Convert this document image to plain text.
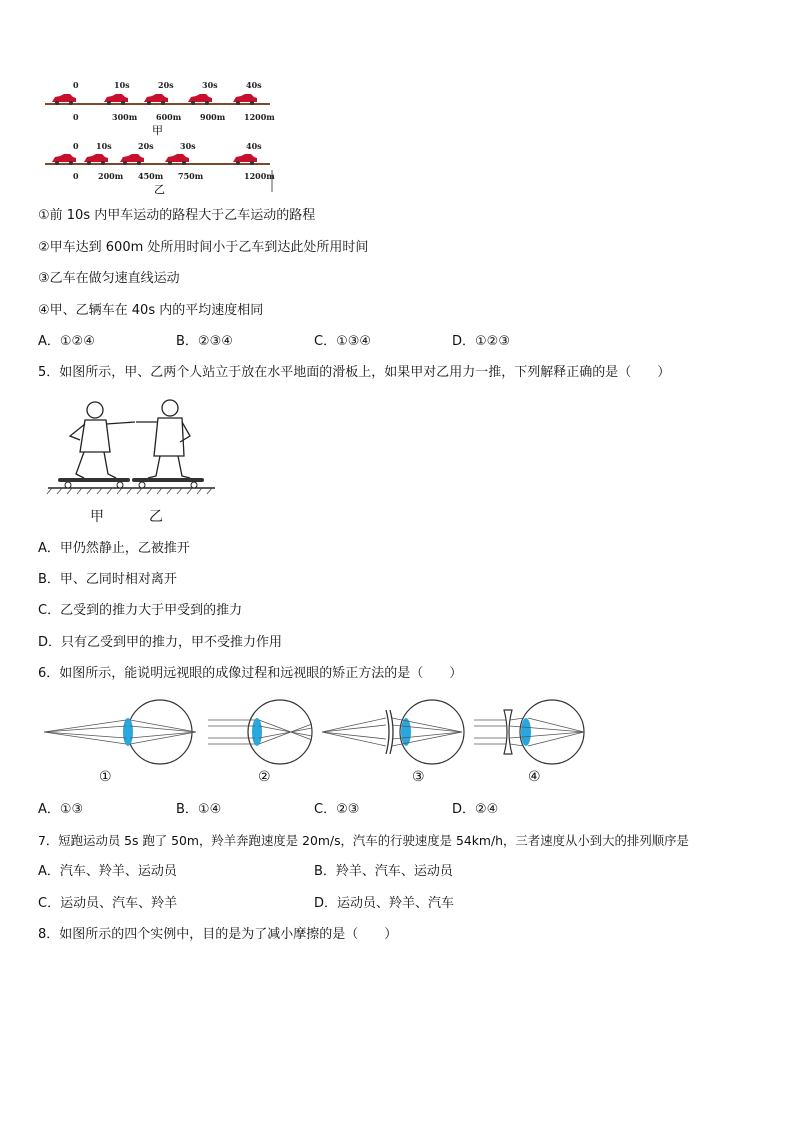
0	10s	20s	30s	40s
0	300m 600m 900m 1200m
甲
0 10s	20s	30s	40s
0 200m 450m 750m	1200m
乙
①前 10s 内甲车运动的路程大于乙车运动的路程
②甲车达到 600m 处所用时间小于乙车到达此处所用时间
③乙车在做匀速直线运动
④甲、乙辆车在 40s 内的平均速度相同
A．①②④	B．②③④	C．①③④	D．①②③
5．如图所示，甲、乙两个人站立于放在水平地面的滑板上，如果甲对乙用力一推，下列解释正确的是（　　）
甲	乙
A．甲仍然静止，乙被推开
B．甲、乙同时相对离开
C．乙受到的推力大于甲受到的推力
D．只有乙受到甲的推力，甲不受推力作用
6．如图所示，能说明远视眼的成像过程和远视眼的矫正方法的是（　　）
①	②	③	④
A．①③	B．①④	C．②③	D．②④
7．短跑运动员 5s 跑了 50m，羚羊奔跑速度是 20m/s，汽车的行驶速度是 54km/h，三者速度从小到大的排列顺序是
A．汽车、羚羊、运动员	B．羚羊、汽车、运动员
C．运动员、汽车、羚羊	D．运动员、羚羊、汽车
8．如图所示的四个实例中，目的是为了减小摩擦的是（　　）
